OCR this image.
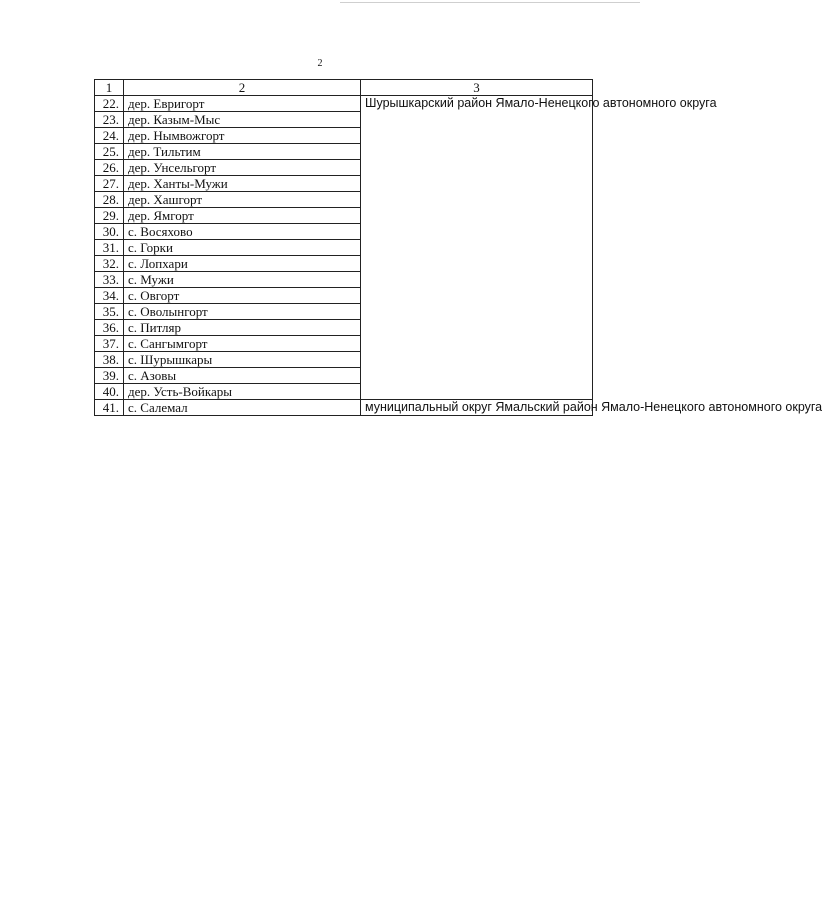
2
1	2	3
22.	дер. Евригорт	Шурышкарский район Ямало-Ненецкого автономного округа
23.	дер. Казым-Мыс	
24.	дер. Нымвожгорт	
25.	дер. Тильтим	
26.	дер. Унсельгорт	
27.	дер. Ханты-Мужи	
28.	дер. Хашгорт	
29.	дер. Ямгорт	
30.	с. Восяхово	
31.	с. Горки	
32.	с. Лопхари	
33.	с. Мужи	
34.	с. Овгорт	
35.	с. Оволынгорт	
36.	с. Питляр	
37.	с. Сангымгорт	
38.	с. Шурышкары	
39.	с. Азовы	
40.	дер. Усть-Войкары	
41.	с. Салемал	муниципальный округ Ямальский район Ямало-Ненецкого автономного округа
